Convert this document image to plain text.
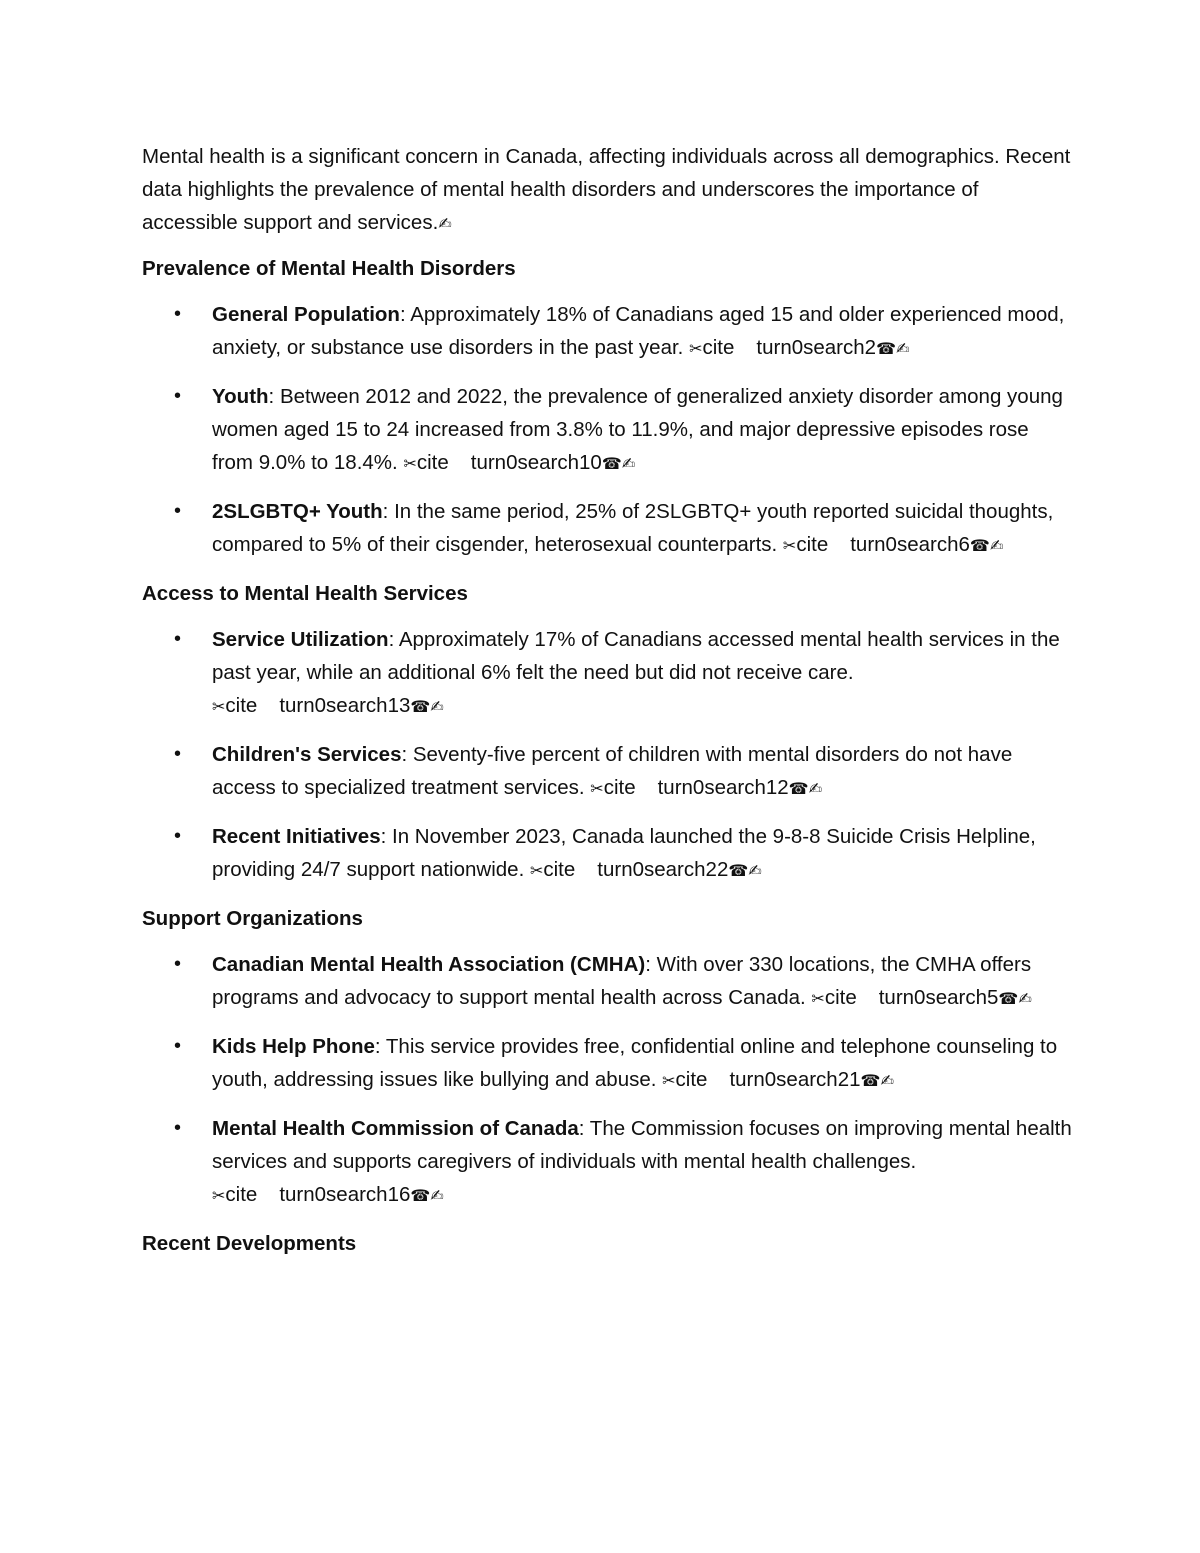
Mental health is a significant concern in Canada, affecting individuals across all demographics. Recent data highlights the prevalence of mental health disorders and underscores the importance of accessible support and services.✍

Prevalence of Mental Health Disorders
• General Population: Approximately 18% of Canadians aged 15 and older experienced mood, anxiety, or substance use disorders in the past year. ✂cite turn0search2☎✍
• Youth: Between 2012 and 2022, the prevalence of generalized anxiety disorder among young women aged 15 to 24 increased from 3.8% to 11.9%, and major depressive episodes rose from 9.0% to 18.4%. ✂cite turn0search10☎✍
• 2SLGBTQ+ Youth: In the same period, 25% of 2SLGBTQ+ youth reported suicidal thoughts, compared to 5% of their cisgender, heterosexual counterparts. ✂cite turn0search6☎✍
Access to Mental Health Services
• Service Utilization: Approximately 17% of Canadians accessed mental health services in the past year, while an additional 6% felt the need but did not receive care. ✂cite turn0search13☎✍
• Children's Services: Seventy-five percent of children with mental disorders do not have access to specialized treatment services. ✂cite turn0search12☎✍
• Recent Initiatives: In November 2023, Canada launched the 9-8-8 Suicide Crisis Helpline, providing 24/7 support nationwide. ✂cite turn0search22☎✍
Support Organizations
• Canadian Mental Health Association (CMHA): With over 330 locations, the CMHA offers programs and advocacy to support mental health across Canada. ✂cite turn0search5☎✍
• Kids Help Phone: This service provides free, confidential online and telephone counseling to youth, addressing issues like bullying and abuse. ✂cite turn0search21☎✍
• Mental Health Commission of Canada: The Commission focuses on improving mental health services and supports caregivers of individuals with mental health challenges. ✂cite turn0search16☎✍
Recent Developments
